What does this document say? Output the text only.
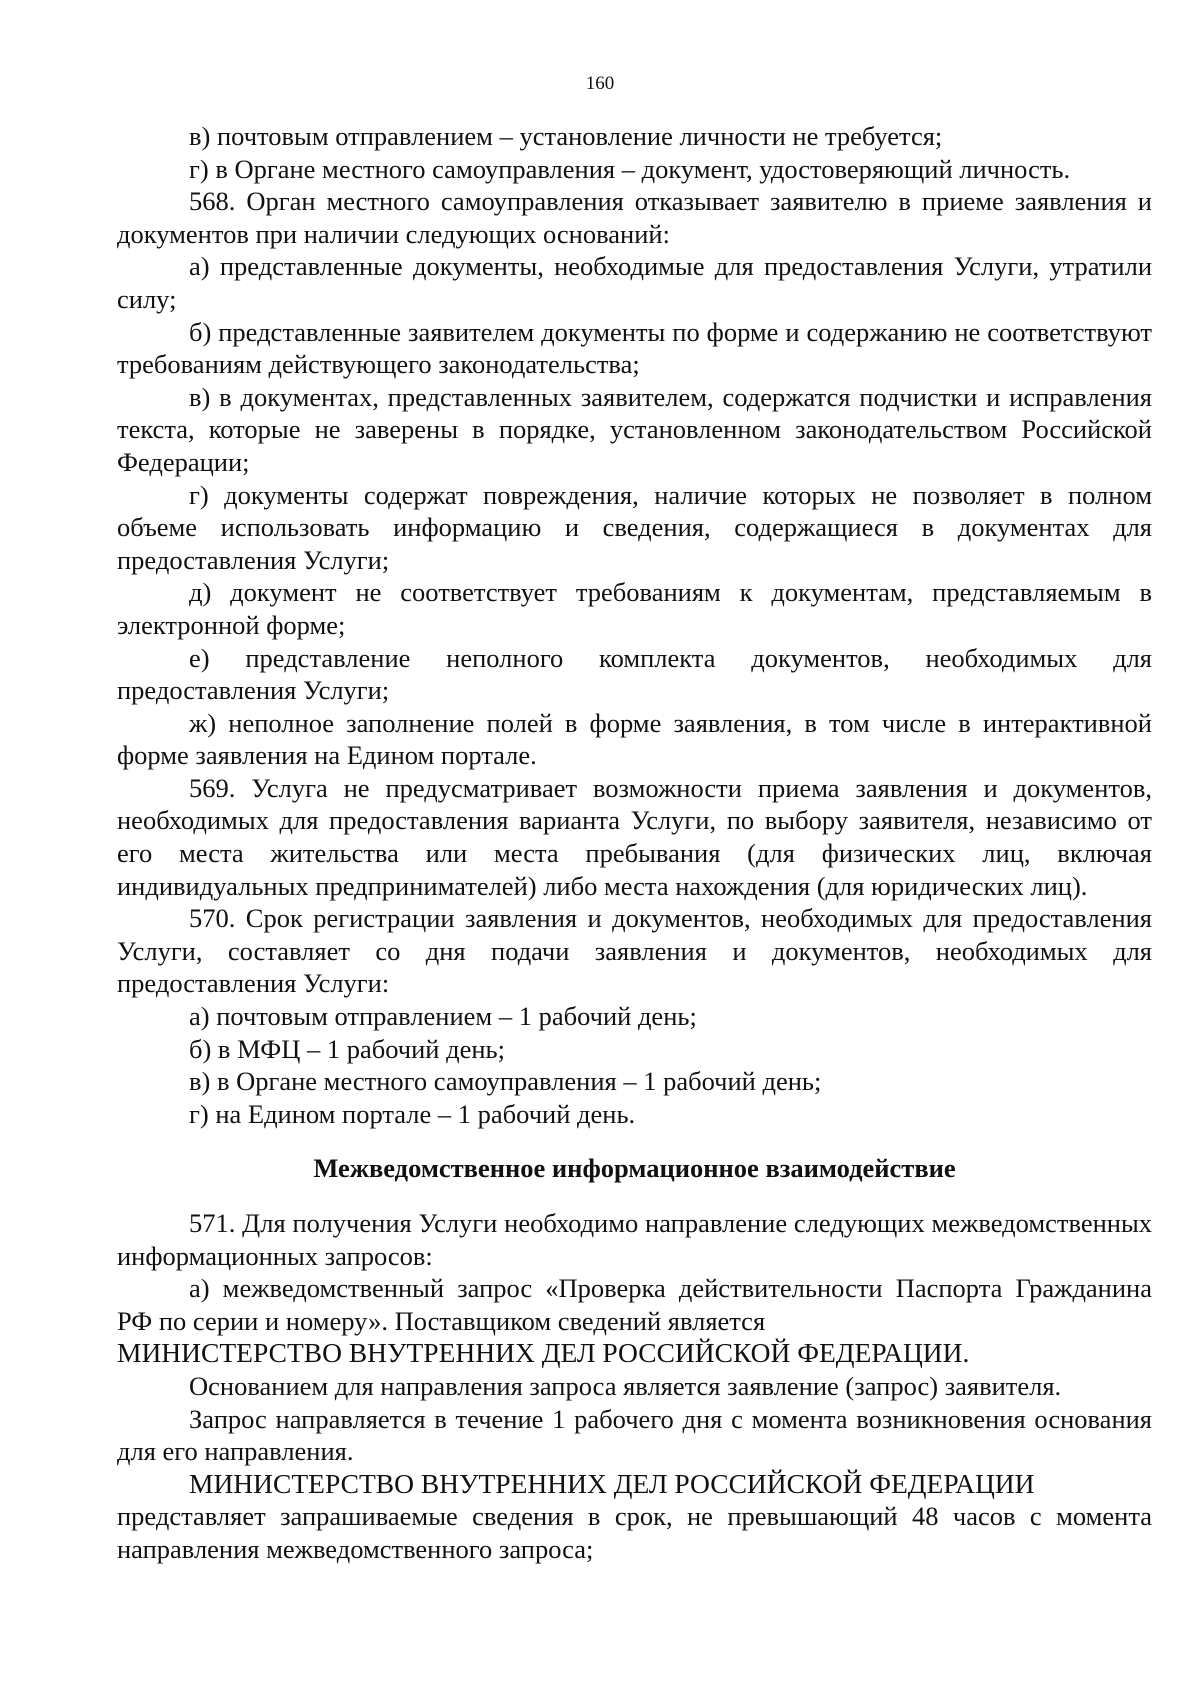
160

в) почтовым отправлением – установление личности не требуется;

г) в Органе местного самоуправления – документ, удостоверяющий личность.

568. Орган местного самоуправления отказывает заявителю в приеме заявления и документов при наличии следующих оснований:

а) представленные документы, необходимые для предоставления Услуги, утратили силу;

б) представленные заявителем документы по форме и содержанию не соответствуют требованиям действующего законодательства;

в) в документах, представленных заявителем, содержатся подчистки и исправления текста, которые не заверены в порядке, установленном законодательством Российской Федерации;

г) документы содержат повреждения, наличие которых не позволяет в полном объеме использовать информацию и сведения, содержащиеся в документах для предоставления Услуги;

д) документ не соответствует требованиям к документам, представляемым в электронной форме;

е) представление неполного комплекта документов, необходимых для предоставления Услуги;

ж) неполное заполнение полей в форме заявления, в том числе в интерактивной форме заявления на Едином портале.

569. Услуга не предусматривает возможности приема заявления и документов, необходимых для предоставления варианта Услуги, по выбору заявителя, независимо от его места жительства или места пребывания (для физических лиц, включая индивидуальных предпринимателей) либо места нахождения (для юридических лиц).

570. Срок регистрации заявления и документов, необходимых для предоставления Услуги, составляет со дня подачи заявления и документов, необходимых для предоставления Услуги:

а) почтовым отправлением – 1 рабочий день;

б) в МФЦ – 1 рабочий день;

в) в Органе местного самоуправления – 1 рабочий день;

г) на Едином портале – 1 рабочий день.

Межведомственное информационное взаимодействие

571. Для получения Услуги необходимо направление следующих межведомственных информационных запросов:

а) межведомственный запрос «Проверка действительности Паспорта Гражданина РФ по серии и номеру». Поставщиком сведений является

МИНИСТЕРСТВО ВНУТРЕННИХ ДЕЛ РОССИЙСКОЙ ФЕДЕРАЦИИ.

Основанием для направления запроса является заявление (запрос) заявителя.

Запрос направляется в течение 1 рабочего дня с момента возникновения основания для его направления.

МИНИСТЕРСТВО ВНУТРЕННИХ ДЕЛ РОССИЙСКОЙ ФЕДЕРАЦИИ

представляет запрашиваемые сведения в срок, не превышающий 48 часов с момента направления межведомственного запроса;
